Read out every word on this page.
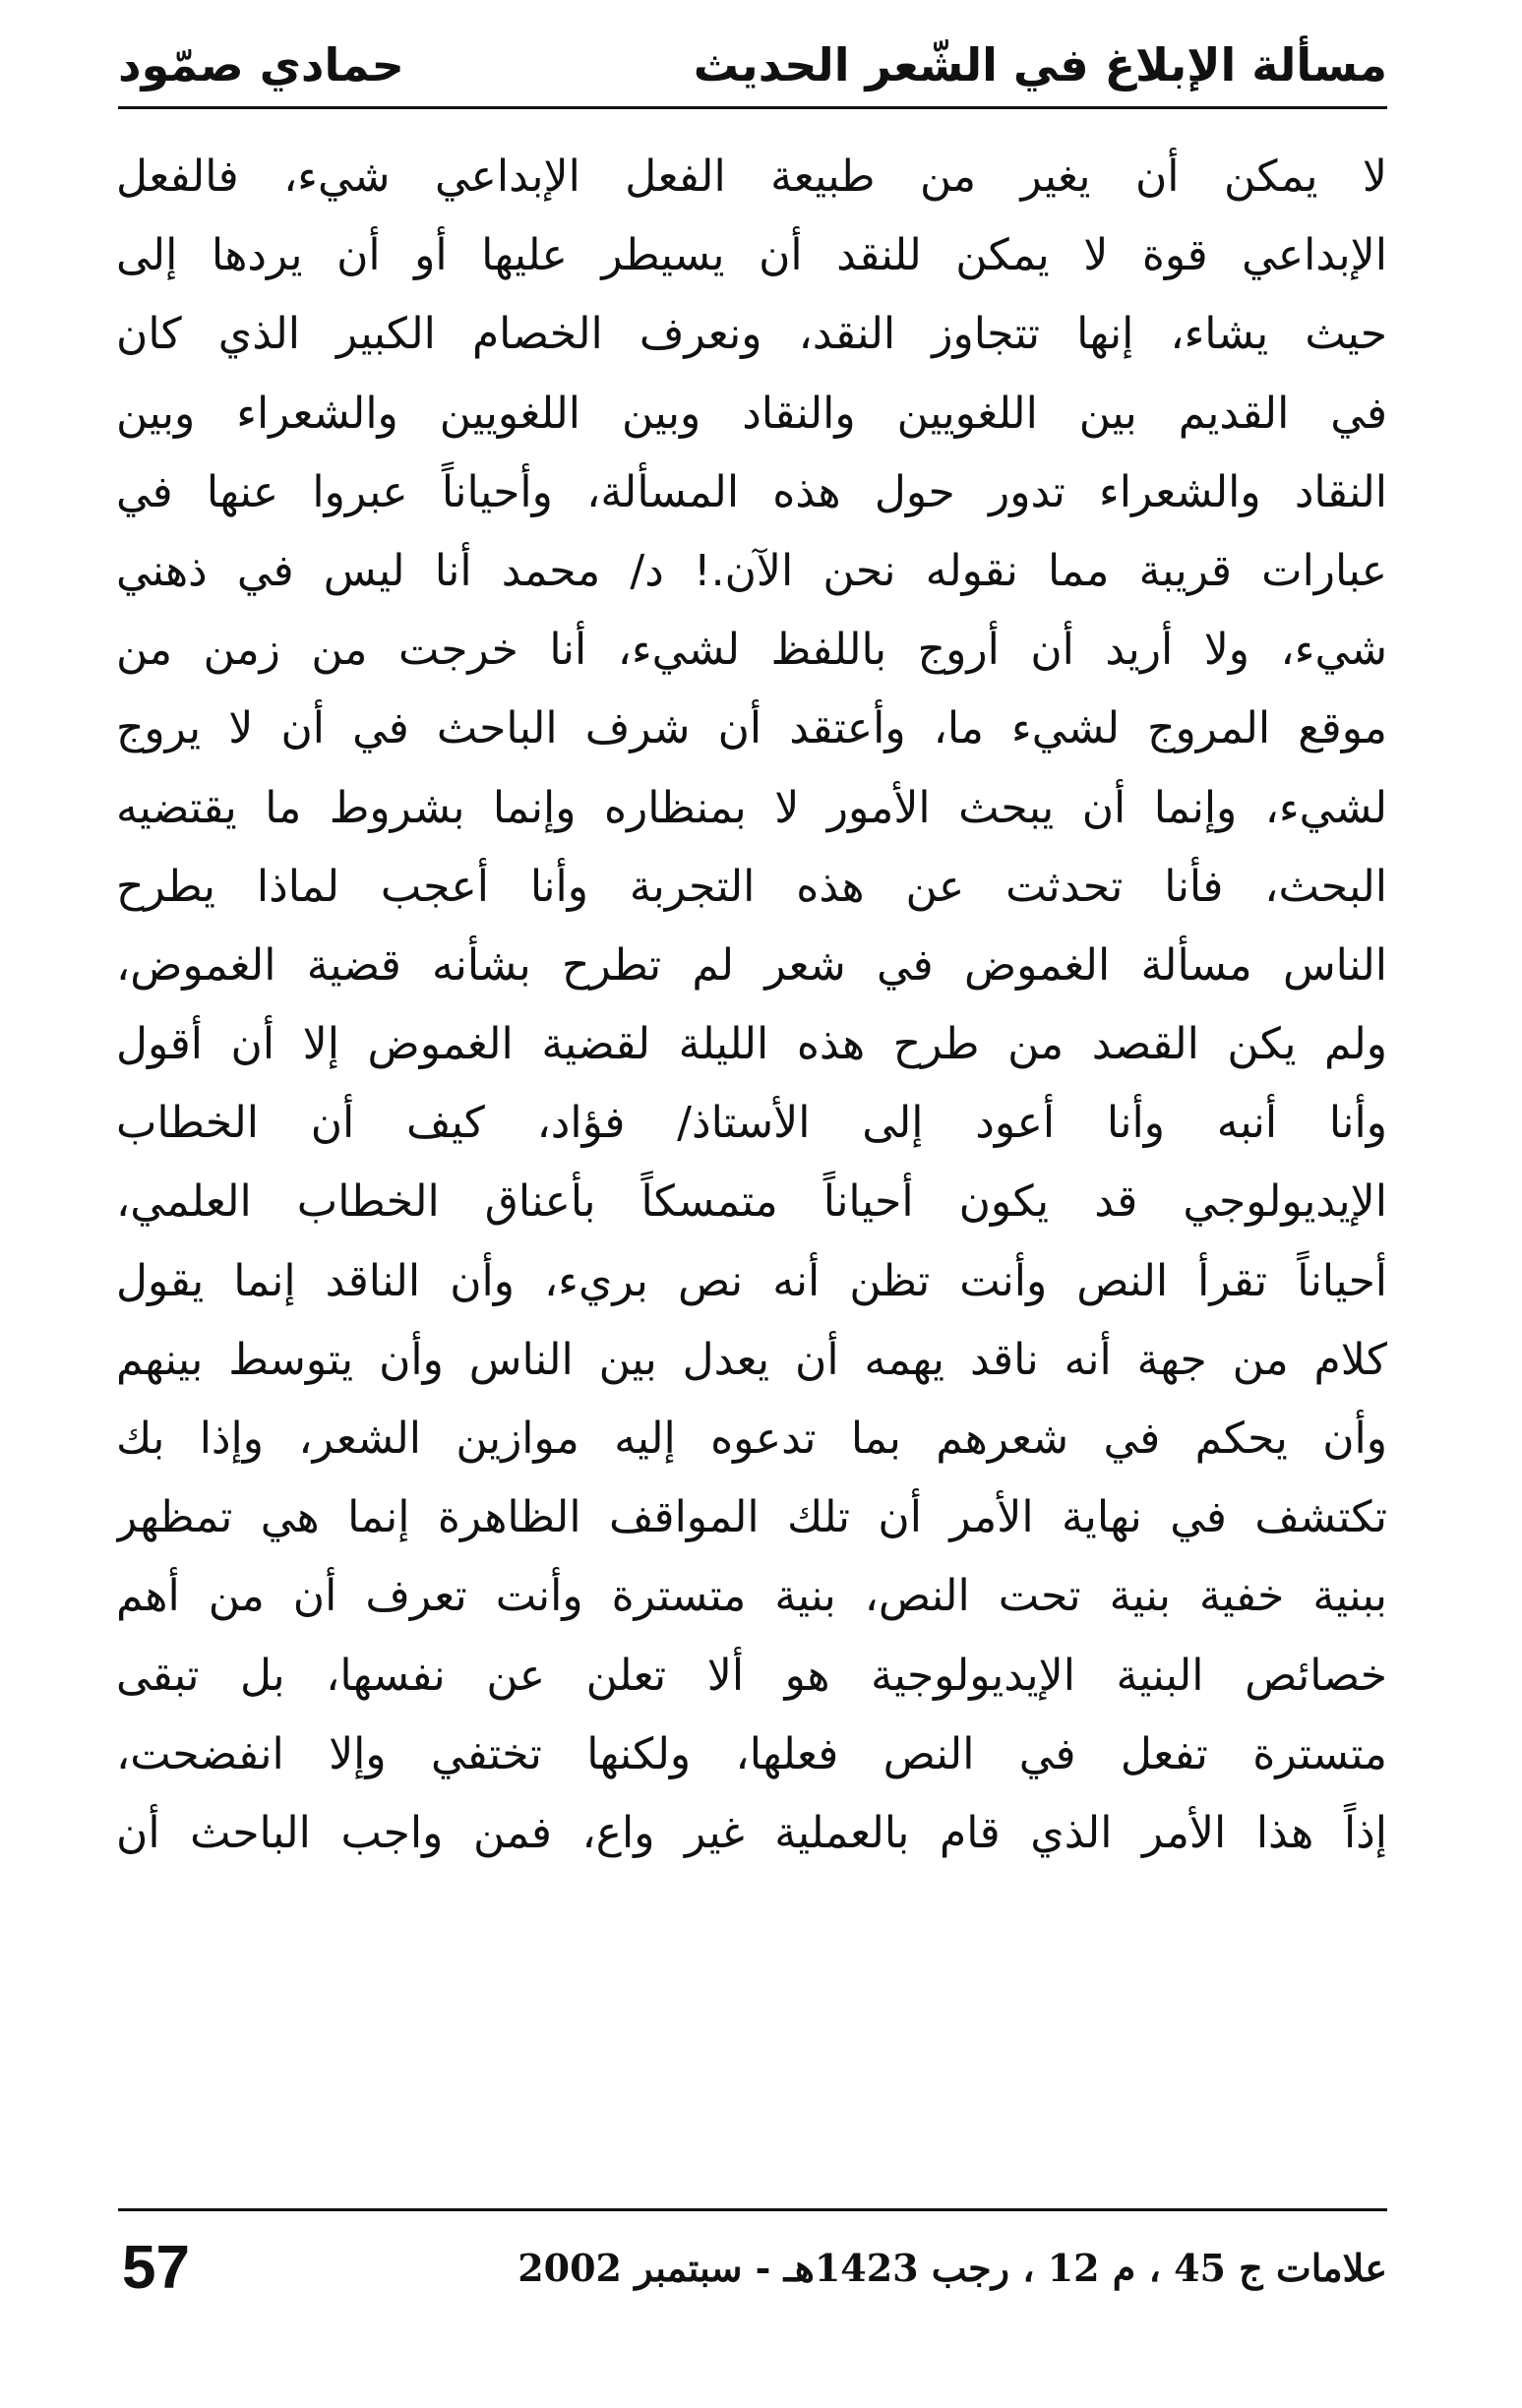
مسألة الإبلاغ في الشّعر الحديث
حمادي صمّود
لا يمكن أن يغير من طبيعة الفعل الإبداعي شيء، فالفعل
الإبداعي قوة لا يمكن للنقد أن يسيطر عليها أو أن يردها إلى
حيث يشاء، إنها تتجاوز النقد، ونعرف الخصام الكبير الذي كان
في القديم بين اللغويين والنقاد وبين اللغويين والشعراء وبين
النقاد والشعراء تدور حول هذه المسألة، وأحياناً عبروا عنها في
عبارات قريبة مما نقوله نحن الآن.! د/ محمد أنا ليس في ذهني
شيء، ولا أريد أن أروج باللفظ لشيء، أنا خرجت من زمن من
موقع المروج لشيء ما، وأعتقد أن شرف الباحث في أن لا يروج
لشيء، وإنما أن يبحث الأمور لا بمنظاره وإنما بشروط ما يقتضيه
البحث، فأنا تحدثت عن هذه التجربة وأنا أعجب لماذا يطرح
الناس مسألة الغموض في شعر لم تطرح بشأنه قضية الغموض،
ولم يكن القصد من طرح هذه الليلة لقضية الغموض إلا أن أقول
وأنا أنبه وأنا أعود إلى الأستاذ/ فؤاد، كيف أن الخطاب
الإيديولوجي قد يكون أحياناً متمسكاً بأعناق الخطاب العلمي،
أحياناً تقرأ النص وأنت تظن أنه نص بريء، وأن الناقد إنما يقول
كلام من جهة أنه ناقد يهمه أن يعدل بين الناس وأن يتوسط بينهم
وأن يحكم في شعرهم بما تدعوه إليه موازين الشعر، وإذا بك
تكتشف في نهاية الأمر أن تلك المواقف الظاهرة إنما هي تمظهر
ببنية خفية بنية تحت النص، بنية متسترة وأنت تعرف أن من أهم
خصائص البنية الإيديولوجية هو ألا تعلن عن نفسها، بل تبقى
متسترة تفعل في النص فعلها، ولكنها تختفي وإلا انفضحت،
إذاً هذا الأمر الذي قام بالعملية غير واع، فمن واجب الباحث أن
57	علامات ج 45 ، م 12 ، رجب 1423هـ - سبتمبر 2002
